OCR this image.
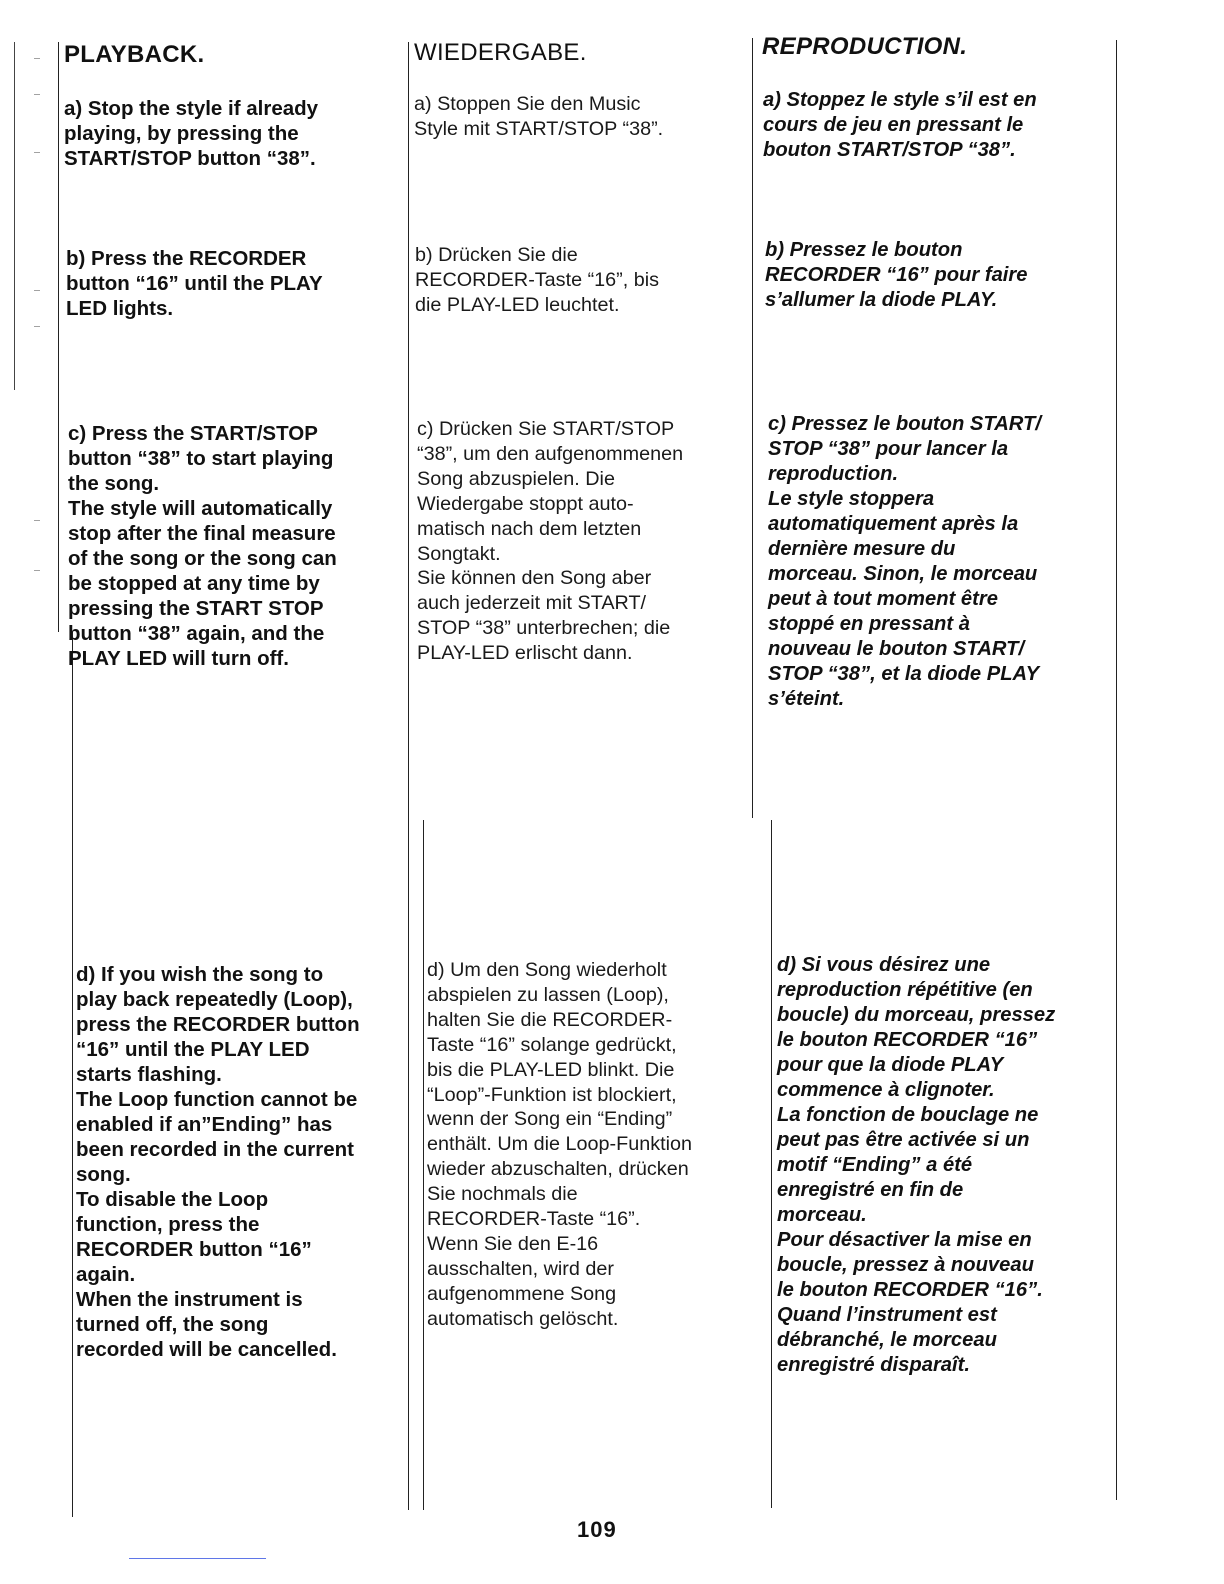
PLAYBACK.	WIEDERGABE.	REPRODUCTION.

a) Stop the style if already
playing, by pressing the
START/STOP button “38”.

b) Press the RECORDER
button “16” until the PLAY
LED lights.

c) Press the START/STOP
button “38” to start playing
the song.
The style will automatically
stop after the final measure
of the song or the song can
be stopped at any time by
pressing the START STOP
button “38” again, and the
PLAY LED will turn off.

d) If you wish the song to
play back repeatedly (Loop),
press the RECORDER button
“16” until the PLAY LED
starts flashing.
The Loop function cannot be
enabled if an”Ending” has
been recorded in the current
song.
To disable the Loop
function, press the
RECORDER button “16”
again.
When the instrument is
turned off, the song
recorded will be cancelled.

a) Stoppen Sie den Music
Style mit START/STOP “38”.

b) Drücken Sie die
RECORDER-Taste “16”, bis
die PLAY-LED leuchtet.

c) Drücken Sie START/STOP
“38”, um den aufgenommenen
Song abzuspielen. Die
Wiedergabe stoppt auto-
matisch nach dem letzten
Songtakt.
Sie können den Song aber
auch jederzeit mit START/
STOP “38” unterbrechen; die
PLAY-LED erlischt dann.

d) Um den Song wiederholt
abspielen zu lassen (Loop),
halten Sie die RECORDER-
Taste “16” solange gedrückt,
bis die PLAY-LED blinkt. Die
“Loop”-Funktion ist blockiert,
wenn der Song ein “Ending”
enthält. Um die Loop-Funktion
wieder abzuschalten, drücken
Sie nochmals die
RECORDER-Taste “16”.
Wenn Sie den E-16
ausschalten, wird der
aufgenommene Song
automatisch gelöscht.

a) Stoppez le style s’il est en
cours de jeu en pressant le
bouton START/STOP “38”.

b) Pressez le bouton
RECORDER “16” pour faire
s’allumer la diode PLAY.

c) Pressez le bouton START/
STOP “38” pour lancer la
reproduction.
Le style stoppera
automatiquement après la
dernière mesure du
morceau. Sinon, le morceau
peut à tout moment être
stoppé en pressant à
nouveau le bouton START/
STOP “38”, et la diode PLAY
s’éteint.

d) Si vous désirez une
reproduction répétitive (en
boucle) du morceau, pressez
le bouton RECORDER “16”
pour que la diode PLAY
commence à clignoter.
La fonction de bouclage ne
peut pas être activée si un
motif “Ending” a été
enregistré en fin de
morceau.
Pour désactiver la mise en
boucle, pressez à nouveau
le bouton RECORDER “16”.
Quand l’instrument est
débranché, le morceau
enregistré disparaît.

109
